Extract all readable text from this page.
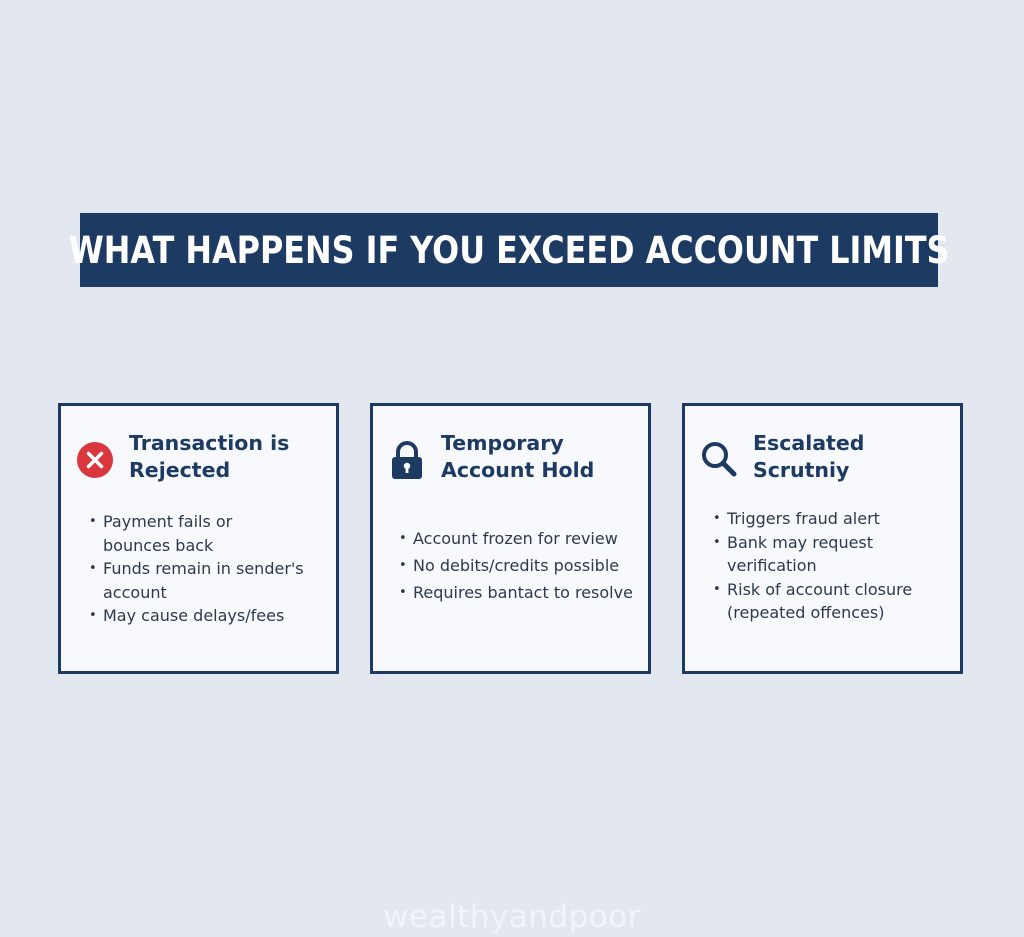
WHAT HAPPENS IF YOU EXCEED ACCOUNT LIMITS
Transaction is
Rejected
• Payment fails or
bounces back
• Funds remain in sender's
account
• May cause delays/fees
Temporary
Account Hold
• Account frozen for review
• No debits/credits possible
• Requires bantact to resolve
Escalated
Scrutniy
• Triggers fraud alert
• Bank may request verification
• Risk of account closure
(repeated offences)
wealthyandpoor
